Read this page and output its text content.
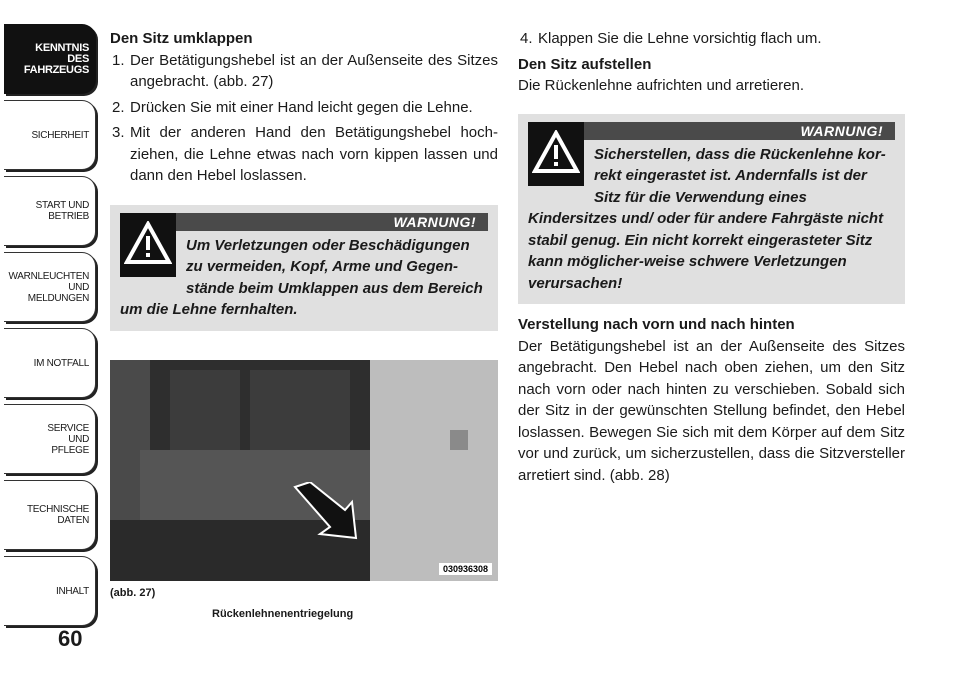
KENNTNIS
DES
FAHRZEUGS
SICHERHEIT
START UND
BETRIEB
WARNLEUCHTEN
UND
MELDUNGEN
IM NOTFALL
SERVICE
UND
PFLEGE
TECHNISCHE
DATEN
INHALT
60

Den Sitz umklappen

1. Der Betätigungshebel ist an der Außenseite des Sitzes angebracht. (abb. 27)
2. Drücken Sie mit einer Hand leicht gegen die Lehne.
3. Mit der anderen Hand den Betätigungshebel hoch-ziehen, die Lehne etwas nach vorn kippen lassen und dann den Hebel loslassen.
WARNUNG!
Um Verletzungen oder Beschädigungen zu vermeiden, Kopf, Arme und Gegen-stände beim Umklappen aus dem Bereich um die Lehne fernhalten.
030936308
(abb. 27)
Rückenlehnenentriegelung
4. Klappen Sie die Lehne vorsichtig flach um.

Den Sitz aufstellen

Die Rückenlehne aufrichten und arretieren.

WARNUNG!
Sicherstellen, dass die Rückenlehne kor-rekt eingerastet ist. Andernfalls ist der Sitz für die Verwendung eines Kindersitzes und/ oder für andere Fahrgäste nicht stabil genug. Ein nicht korrekt eingerasteter Sitz kann möglicher-weise schwere Verletzungen verursachen!

Verstellung nach vorn und nach hinten

Der Betätigungshebel ist an der Außenseite des Sitzes angebracht. Den Hebel nach oben ziehen, um den Sitz nach vorn oder nach hinten zu verschieben. Sobald sich der Sitz in der gewünschten Stellung befindet, den Hebel loslassen. Bewegen Sie sich mit dem Körper auf dem Sitz vor und zurück, um sicherzustellen, dass die Sitzversteller arretiert sind. (abb. 28)
